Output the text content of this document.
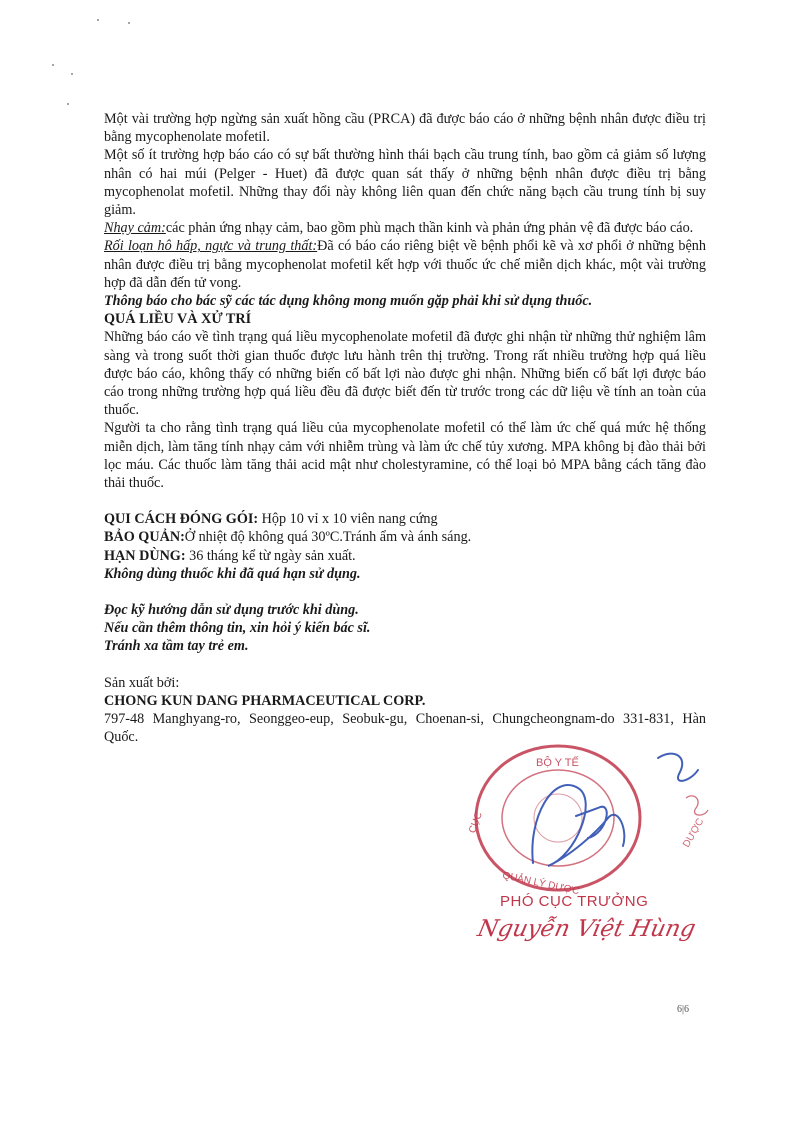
Một vài trường hợp ngừng sản xuất hồng cầu (PRCA) đã được báo cáo ở những bệnh nhân được điều trị bằng mycophenolate mofetil.

Một số ít trường hợp báo cáo có sự bất thường hình thái bạch cầu trung tính, bao gồm cả giảm số lượng nhân có hai múi (Pelger - Huet) đã được quan sát thấy ở những bệnh nhân được điều trị bằng mycophenolat mofetil. Những thay đổi này không liên quan đến chức năng bạch cầu trung tính bị suy giảm.

Nhạy cảm:các phản ứng nhạy cảm, bao gồm phù mạch thần kinh và phản ứng phản vệ đã được báo cáo.

Rối loạn hô hấp, ngực và trung thất:Đã có báo cáo riêng biệt về bệnh phổi kẽ và xơ phổi ở những bệnh nhân được điều trị bằng mycophenolat mofetil kết hợp với thuốc ức chế miễn dịch khác, một vài trường hợp đã dẫn đến tử vong.

Thông báo cho bác sỹ các tác dụng không mong muốn gặp phải khi sử dụng thuốc.

QUÁ LIỀU VÀ XỬ TRÍ

Những báo cáo về tình trạng quá liều mycophenolate mofetil đã được ghi nhận từ những thử nghiệm lâm sàng và trong suốt thời gian thuốc được lưu hành trên thị trường. Trong rất nhiều trường hợp quá liều được báo cáo, không thấy có những biến cố bất lợi nào được ghi nhận. Những biến cố bất lợi được báo cáo trong những trường hợp quá liều đều đã được biết đến từ trước trong các dữ liệu về tính an toàn của thuốc.

Người ta cho rằng tình trạng quá liều của mycophenolate mofetil có thể làm ức chế quá mức hệ thống miễn dịch, làm tăng tính nhạy cảm với nhiễm trùng và làm ức chế tủy xương. MPA không bị đào thải bởi lọc máu. Các thuốc làm tăng thải acid mật như cholestyramine, có thể loại bỏ MPA bằng cách tăng đào thải thuốc.

QUI CÁCH ĐÓNG GÓI: Hộp 10 vỉ x 10 viên nang cứng

BẢO QUẢN:Ở nhiệt độ không quá 30ºC.Tránh ẩm và ánh sáng.

HẠN DÙNG: 36 tháng kể từ ngày sản xuất.

Không dùng thuốc khi đã quá hạn sử dụng.

Đọc kỹ hướng dẫn sử dụng trước khi dùng.

Nếu cần thêm thông tin, xin hỏi ý kiến bác sĩ.

Tránh xa tầm tay trẻ em.

Sản xuất bởi:

CHONG KUN DANG PHARMACEUTICAL CORP.

797-48 Manghyang-ro, Seonggeo-eup, Seobuk-gu, Choenan-si, Chungcheongnam-do 331-831, Hàn Quốc.

BỘ Y TẾ
CỤC
QUẢN LÝ DƯỢC
DƯỢC
PHÓ CỤC TRƯỞNG
Nguyễn Việt Hùng
6|6
